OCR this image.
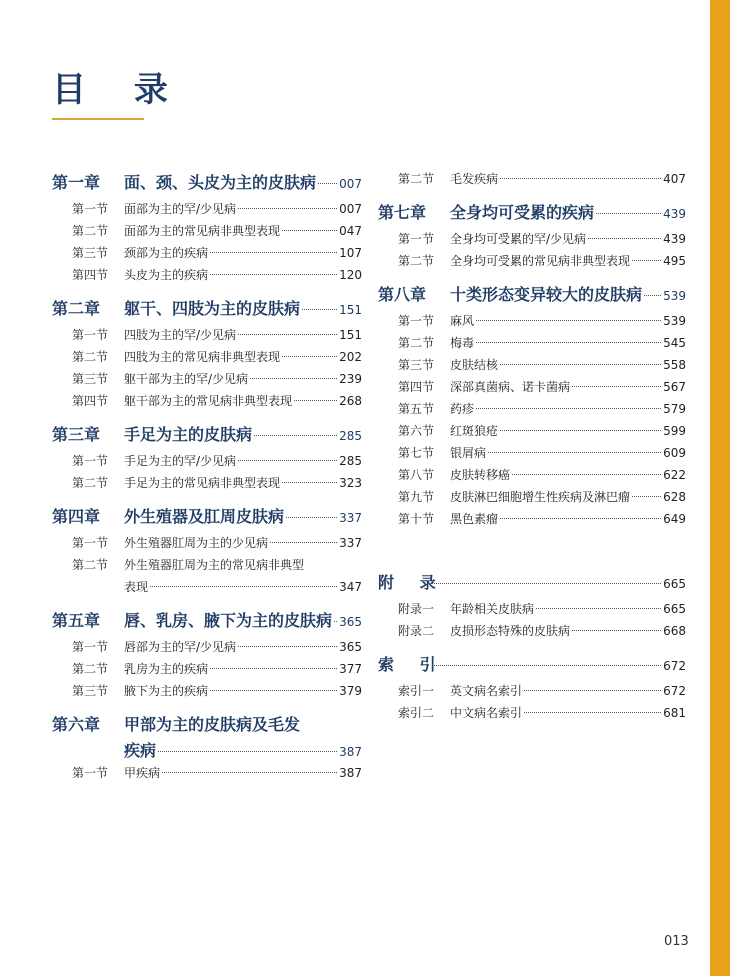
目 录
第一章	面、颈、头皮为主的皮肤病 007
第一节	面部为主的罕/少见病	007
第二节	面部为主的常见病非典型表现	047
第三节	颈部为主的疾病	107
第四节	头皮为主的疾病	120
第二章	躯干、四肢为主的皮肤病	151
第一节	四肢为主的罕/少见病	151
第二节	四肢为主的常见病非典型表现	202
第三节	躯干部为主的罕/少见病	239
第四节	躯干部为主的常见病非典型表现	268
第三章	手足为主的皮肤病	285
第一节	手足为主的罕/少见病	285
第二节	手足为主的常见病非典型表现	323
第四章	外生殖器及肛周皮肤病	337
第一节	外生殖器肛周为主的少见病	337
第二节	外生殖器肛周为主的常见病非典型
表现	347
第五章	唇、乳房、腋下为主的皮肤病 365
第一节	唇部为主的罕/少见病	365
第二节	乳房为主的疾病	377
第三节	腋下为主的疾病	379
第六章	甲部为主的皮肤病及毛发
疾病	387
第一节	甲疾病	387
第二节	毛发疾病	407
第七章	全身均可受累的疾病	439
第一节	全身均可受累的罕/少见病	439
第二节	全身均可受累的常见病非典型表现	495
第八章	十类形态变异较大的皮肤病 539
第一节	麻风	539
第二节	梅毒	545
第三节	皮肤结核	558
第四节	深部真菌病、诺卡菌病	567
第五节	药疹	579
第六节	红斑狼疮	599
第七节	银屑病	609
第八节	皮肤转移癌	622
第九节	皮肤淋巴细胞增生性疾病及淋巴瘤	628
第十节	黑色素瘤	649
附 录	665
附录一	年龄相关皮肤病	665
附录二	皮损形态特殊的皮肤病	668
索 引	672
索引一	英文病名索引	672
索引二	中文病名索引	681
013
